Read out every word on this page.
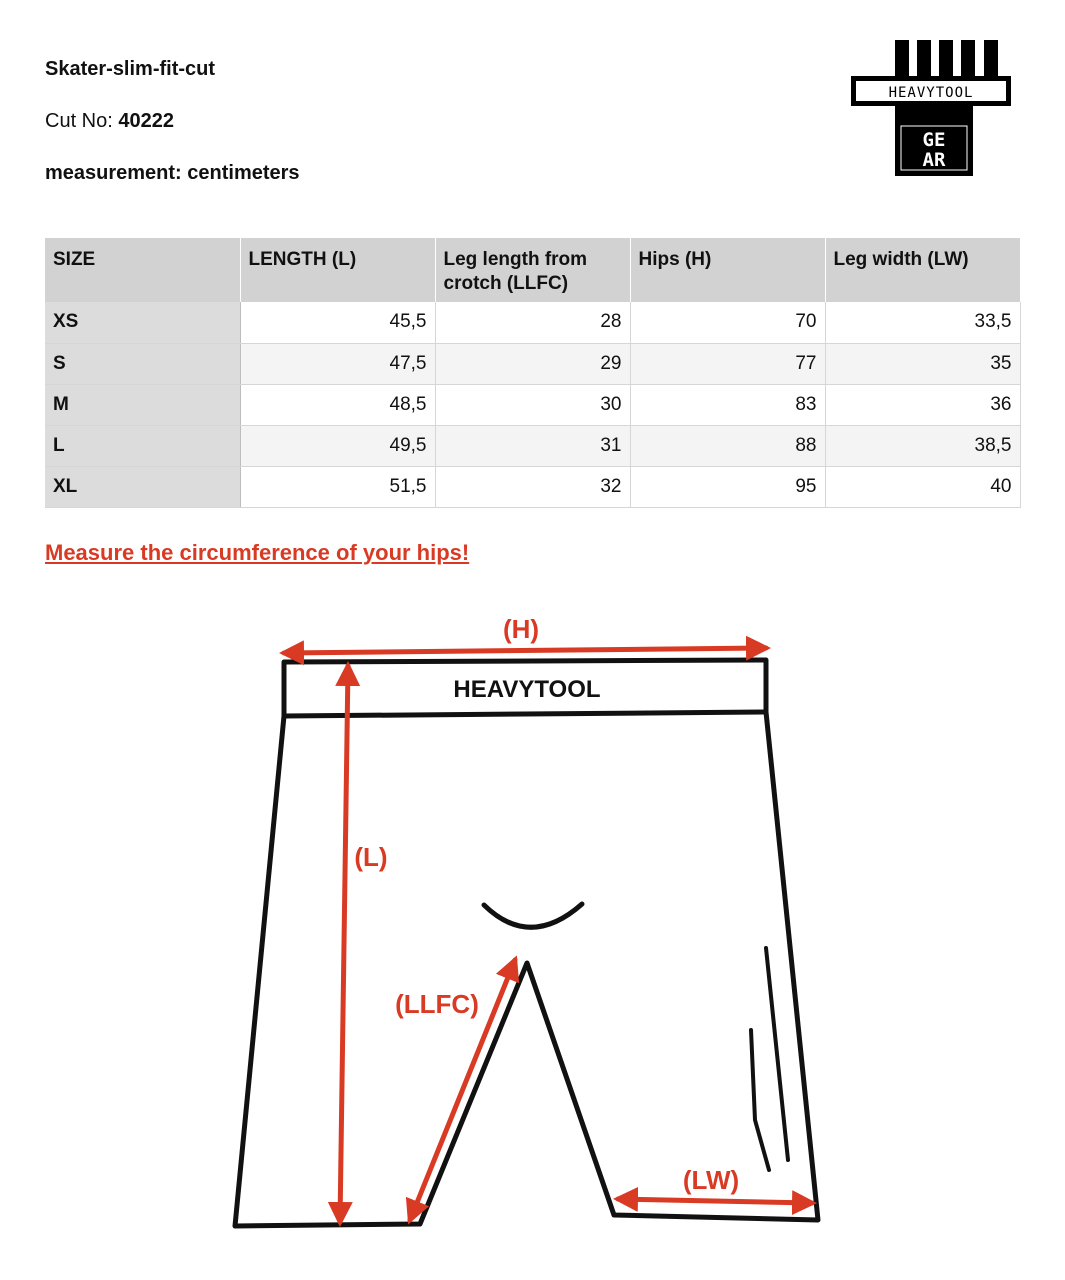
Skater-slim-fit-cut
Cut No: 40222
measurement: centimeters
HEAVYTOOL
GE
AR
SIZE	LENGTH (L)	Leg length from crotch (LLFC)	Hips (H)	Leg width (LW)
XS	45,5	28	70	33,5
S	47,5	29	77	35
M	48,5	30	83	36
L	49,5	31	88	38,5
XL	51,5	32	95	40
Measure the circumference of your hips!
HEAVYTOOL
(H)
(L)
(LLFC)
(LW)
